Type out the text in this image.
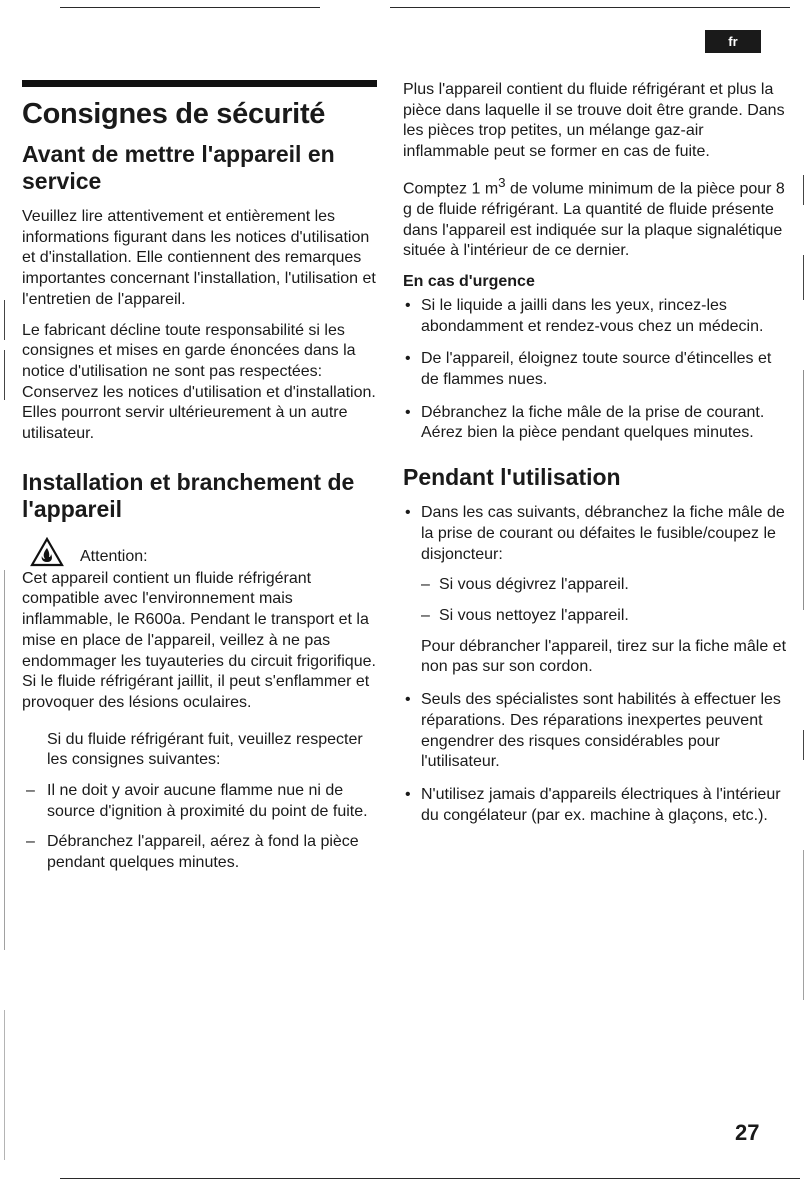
fr
Consignes de sécurité
Avant de mettre l'appareil en service

Veuillez lire attentivement et entièrement les informations figurant dans les notices d'utilisation et d'installation. Elle contiennent des remarques importantes concernant l'installation, l'utilisation et l'entretien de l'appareil.

Le fabricant décline toute responsabilité si les consignes et mises en garde énoncées dans la notice d'utilisation ne sont pas respectées:

Conservez les notices d'utilisation et d'installation. Elles pourront servir ultérieurement à un autre utilisateur.

Installation et branchement de l'appareil
Attention:

Cet appareil contient un fluide réfrigérant compatible avec l'environnement mais inflammable, le R600a. Pendant le transport et la mise en place de l'appareil, veillez à ne pas endommager les tuyauteries du circuit frigorifique. Si le fluide réfrigérant jaillit, il peut s'enflammer et provoquer des lésions oculaires.

Si du fluide réfrigérant fuit, veuillez respecter les consignes suivantes:

– Il ne doit y avoir aucune flamme nue ni de source d'ignition à proximité du point de fuite.
– Débranchez l'appareil, aérez à fond la pièce pendant quelques minutes.

Plus l'appareil contient du fluide réfrigérant et plus la pièce dans laquelle il se trouve doit être grande. Dans les pièces trop petites, un mélange gaz-air inflammable peut se former en cas de fuite.

Comptez 1 $m^3$ de volume minimum de la pièce pour 8 g de fluide réfrigérant. La quantité de fluide présente dans l'appareil est indiquée sur la plaque signalétique située à l'intérieur de ce dernier.

En cas d'urgence
• Si le liquide a jailli dans les yeux, rincez-les abondamment et rendez-vous chez un médecin.
• De l'appareil, éloignez toute source d'étincelles et de flammes nues.
• Débranchez la fiche mâle de la prise de courant. Aérez bien la pièce pendant quelques minutes.
Pendant l'utilisation
• Dans les cas suivants, débranchez la fiche mâle de la prise de courant ou défaites le fusible/coupez le disjoncteur:
– Si vous dégivrez l'appareil.
– Si vous nettoyez l'appareil.
Pour débrancher l'appareil, tirez sur la fiche mâle et non pas sur son cordon.
• Seuls des spécialistes sont habilités à effectuer les réparations. Des réparations inexpertes peuvent engendrer des risques considérables pour l'utilisateur.
• N'utilisez jamais d'appareils électriques à l'intérieur du congélateur (par ex. machine à glaçons, etc.).
27
